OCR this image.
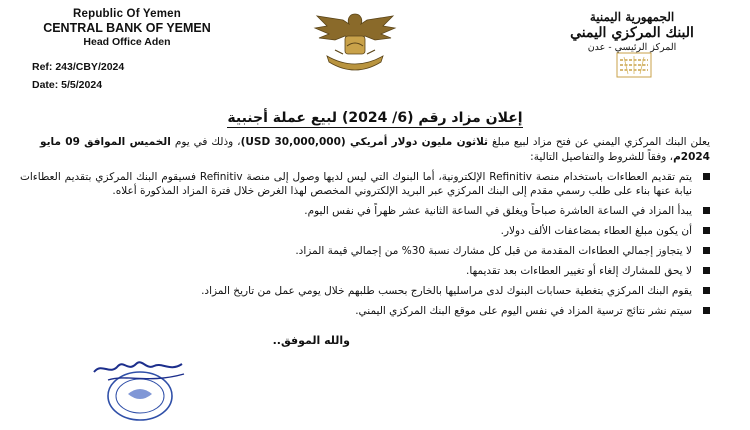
Republic Of Yemen
CENTRAL BANK OF YEMEN
Head Office Aden
Ref: 243/CBY/2024
Date: 5/5/2024
الجمهورية اليمنية
البنك المركزي اليمني
المركز الرئيسي - عدن
إعلان مزاد رقم (6/ 2024) لبيع عملة أجنبية
يعلن البنك المركزي اليمني عن فتح مزاد لبيع مبلغ ثلاثون مليون دولار أمريكي (30,000,000 USD)، وذلك في يوم الخميس الموافق 09 مايو 2024م، وفقاً للشروط والتفاصيل التالية:
يتم تقديم العطاءات باستخدام منصة Refinitiv الإلكترونية، أما البنوك التي ليس لديها وصول إلى منصة Refinitiv فسيقوم البنك المركزي بتقديم العطاءات نيابة عنها بناء على طلب رسمي مقدم إلى البنك المركزي عبر البريد الإلكتروني المخصص لهذا الغرض خلال فترة المزاد المذكورة أعلاه.
يبدأ المزاد في الساعة العاشرة صباحاً ويغلق في الساعة الثانية عشر ظهراً في نفس اليوم.
أن يكون مبلغ العطاء بمضاعفات الألف دولار.
لا يتجاوز إجمالي العطاءات المقدمة من قبل كل مشارك نسبة 30% من إجمالي قيمة المزاد.
لا يحق للمشارك إلغاء أو تغيير العطاءات بعد تقديمها.
يقوم البنك المركزي بتغطية حسابات البنوك لدى مراسليها بالخارج بحسب طلبهم خلال يومي عمل من تاريخ المزاد.
سيتم نشر نتائج ترسية المزاد في نفس اليوم على موقع البنك المركزي اليمني.
والله الموفق..
